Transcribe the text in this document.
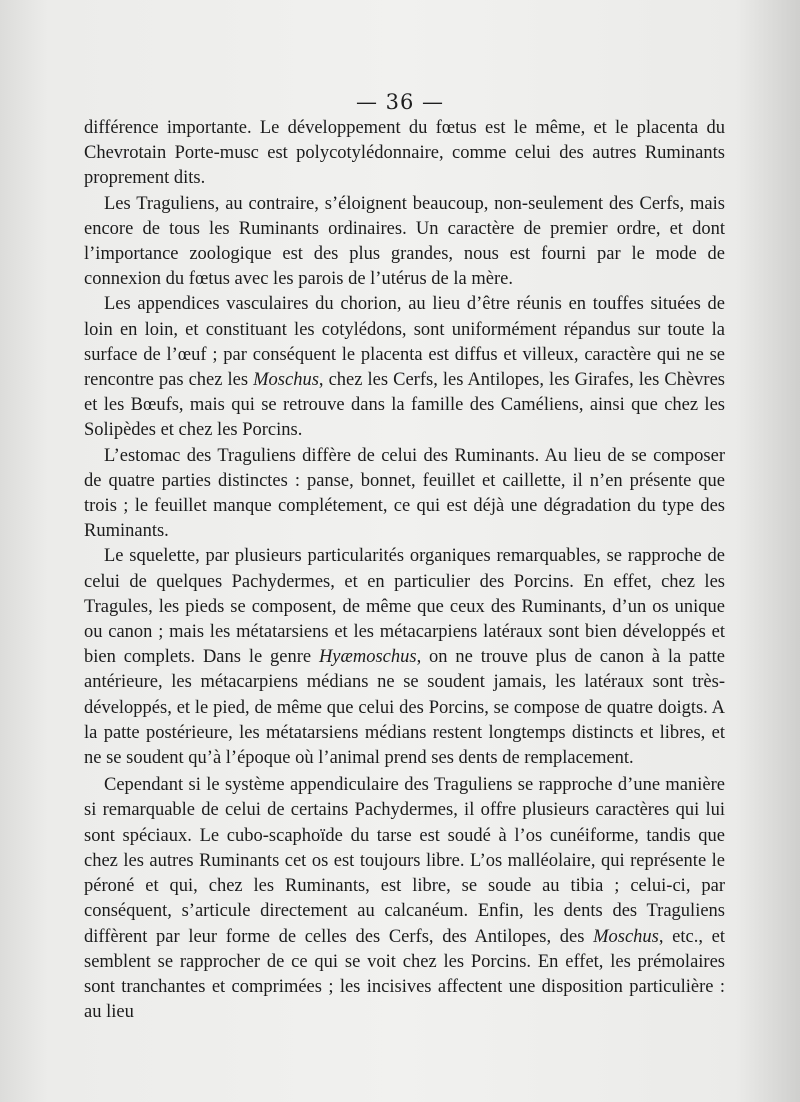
— 36 —

différence importante. Le développement du fœtus est le même, et le placenta du Chevrotain Porte-musc est polycotylédonnaire, comme celui des autres Ruminants proprement dits.

Les Traguliens, au contraire, s’éloignent beaucoup, non-seulement des Cerfs, mais encore de tous les Ruminants ordinaires. Un caractère de premier ordre, et dont l’importance zoologique est des plus grandes, nous est fourni par le mode de connexion du fœtus avec les parois de l’utérus de la mère.

Les appendices vasculaires du chorion, au lieu d’être réunis en touffes situées de loin en loin, et constituant les cotylédons, sont uniformément répandus sur toute la surface de l’œuf ; par conséquent le placenta est diffus et villeux, caractère qui ne se rencontre pas chez les Moschus, chez les Cerfs, les Antilopes, les Girafes, les Chèvres et les Bœufs, mais qui se retrouve dans la famille des Caméliens, ainsi que chez les Solipèdes et chez les Porcins.

L’estomac des Traguliens diffère de celui des Ruminants. Au lieu de se composer de quatre parties distinctes : panse, bonnet, feuillet et caillette, il n’en présente que trois ; le feuillet manque complétement, ce qui est déjà une dégradation du type des Ruminants.

Le squelette, par plusieurs particularités organiques remarquables, se rapproche de celui de quelques Pachydermes, et en particulier des Porcins. En effet, chez les Tragules, les pieds se composent, de même que ceux des Ruminants, d’un os unique ou canon ; mais les métatarsiens et les métacarpiens latéraux sont bien développés et bien complets. Dans le genre Hyæmoschus, on ne trouve plus de canon à la patte antérieure, les métacarpiens médians ne se soudent jamais, les latéraux sont très-développés, et le pied, de même que celui des Porcins, se compose de quatre doigts. A la patte postérieure, les métatarsiens médians restent longtemps distincts et libres, et ne se soudent qu’à l’époque où l’animal prend ses dents de remplacement.

Cependant si le système appendiculaire des Traguliens se rapproche d’une manière si remarquable de celui de certains Pachydermes, il offre plusieurs caractères qui lui sont spéciaux. Le cubo-scaphoïde du tarse est soudé à l’os cunéiforme, tandis que chez les autres Ruminants cet os est toujours libre. L’os malléolaire, qui représente le péroné et qui, chez les Ruminants, est libre, se soude au tibia ; celui-ci, par conséquent, s’articule directement au calcanéum. Enfin, les dents des Traguliens diffèrent par leur forme de celles des Cerfs, des Antilopes, des Moschus, etc., et semblent se rapprocher de ce qui se voit chez les Porcins. En effet, les prémolaires sont tranchantes et comprimées ; les incisives affectent une disposition particulière : au lieu
